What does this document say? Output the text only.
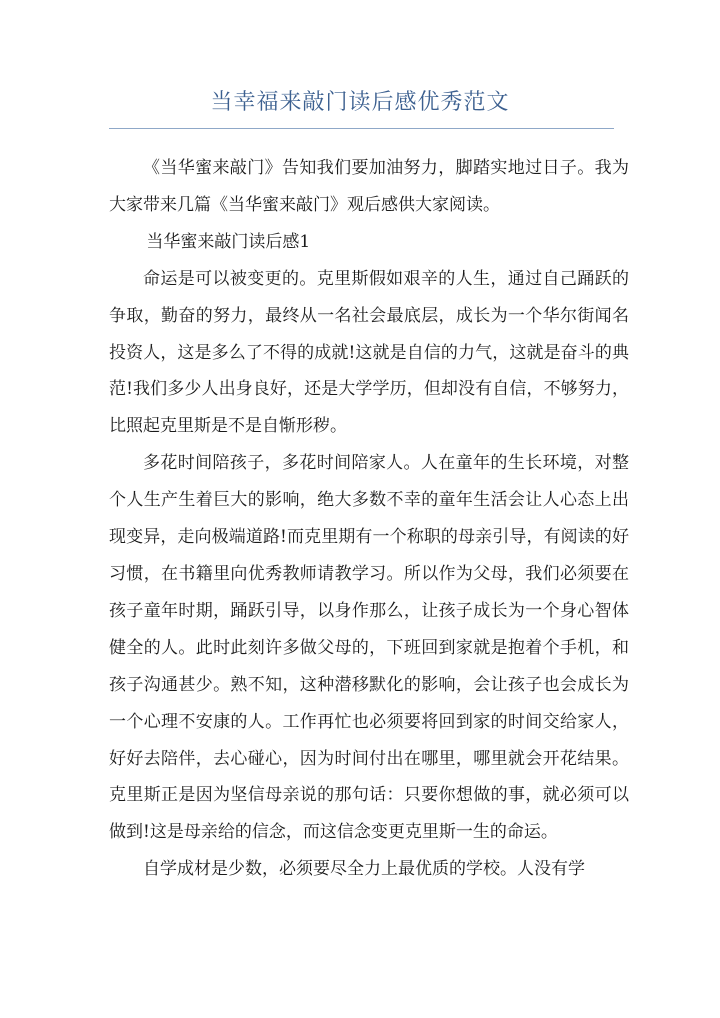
当幸福来敲门读后感优秀范文

《当华蜜来敲门》告知我们要加油努力，脚踏实地过日子。我为大家带来几篇《当华蜜来敲门》观后感供大家阅读。

当华蜜来敲门读后感1

命运是可以被变更的。克里斯假如艰辛的人生，通过自己踊跃的争取，勤奋的努力，最终从一名社会最底层，成长为一个华尔街闻名投资人，这是多么了不得的成就!这就是自信的力气，这就是奋斗的典范!我们多少人出身良好，还是大学学历，但却没有自信，不够努力，比照起克里斯是不是自惭形秽。

多花时间陪孩子，多花时间陪家人。人在童年的生长环境，对整个人生产生着巨大的影响，绝大多数不幸的童年生活会让人心态上出现变异，走向极端道路!而克里期有一个称职的母亲引导，有阅读的好习惯，在书籍里向优秀教师请教学习。所以作为父母，我们必须要在孩子童年时期，踊跃引导，以身作那么，让孩子成长为一个身心智体健全的人。此时此刻许多做父母的，下班回到家就是抱着个手机，和孩子沟通甚少。熟不知，这种潜移默化的影响，会让孩子也会成长为一个心理不安康的人。工作再忙也必须要将回到家的时间交给家人，好好去陪伴，去心碰心，因为时间付出在哪里，哪里就会开花结果。克里斯正是因为坚信母亲说的那句话：只要你想做的事，就必须可以做到!这是母亲给的信念，而这信念变更克里斯一生的命运。

自学成材是少数，必须要尽全力上最优质的学校。人没有学
